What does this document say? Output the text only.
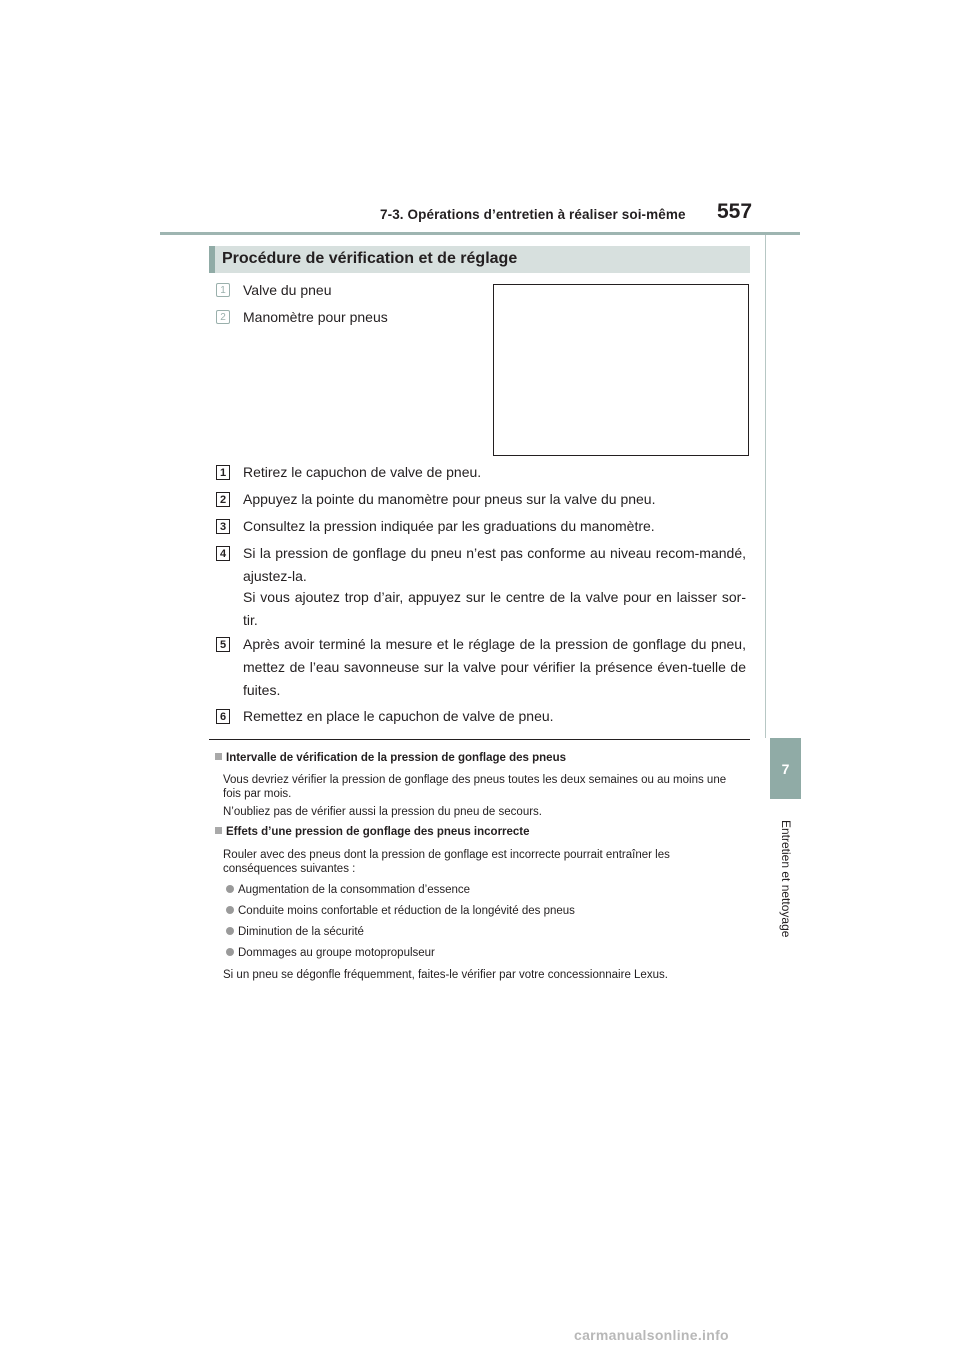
7-3. Opérations d’entretien à réaliser soi-même 557
7
Entretien et nettoyage
Procédure de vérification et de réglage
1	Valve du pneu
2	Manomètre pour pneus
1 Retirez le capuchon de valve de pneu.
2 Appuyez la pointe du manomètre pour pneus sur la valve du pneu.
3 Consultez la pression indiquée par les graduations du manomètre.
4 Si la pression de gonflage du pneu n’est pas conforme au niveau recom-mandé, ajustez-la.
Si vous ajoutez trop d’air, appuyez sur le centre de la valve pour en laisser sor-tir.
5 Après avoir terminé la mesure et le réglage de la pression de gonflage du pneu, mettez de l’eau savonneuse sur la valve pour vérifier la présence éven-tuelle de fuites.
6 Remettez en place le capuchon de valve de pneu.
Intervalle de vérification de la pression de gonflage des pneus
Vous devriez vérifier la pression de gonflage des pneus toutes les deux semaines ou au moins une fois par mois.
N’oubliez pas de vérifier aussi la pression du pneu de secours.
Effets d’une pression de gonflage des pneus incorrecte
Rouler avec des pneus dont la pression de gonflage est incorrecte pourrait entraîner les conséquences suivantes :
Augmentation de la consommation d’essence
Conduite moins confortable et réduction de la longévité des pneus
Diminution de la sécurité
Dommages au groupe motopropulseur
Si un pneu se dégonfle fréquemment, faites-le vérifier par votre concessionnaire Lexus.
carmanualsonline.info
